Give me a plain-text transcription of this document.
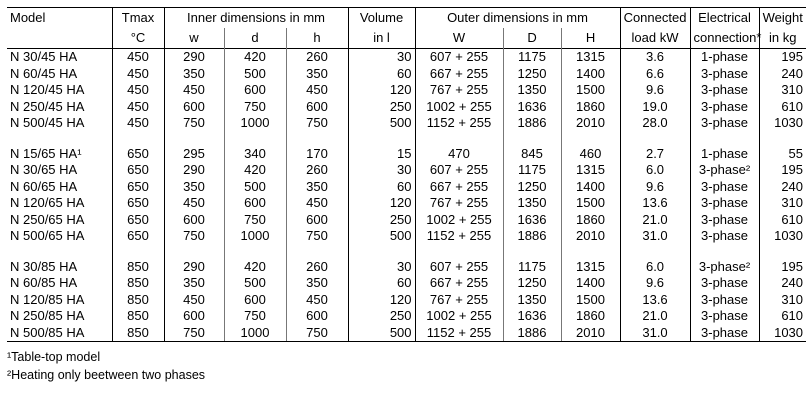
Model	Tmax	Inner dimensions in mm			Volume	Outer dimensions in mm			Connected	Electrical	Weight
	°C	w	d	h	in l	W	D	H	load kW	connection*	in kg
N 30/45 HA	450	290	420	260	30	607 + 255	1175	1315	3.6	1-phase	195
N 60/45 HA	450	350	500	350	60	667 + 255	1250	1400	6.6	3-phase	240
N 120/45 HA	450	450	600	450	120	767 + 255	1350	1500	9.6	3-phase	310
N 250/45 HA	450	600	750	600	250	1002 + 255	1636	1860	19.0	3-phase	610
N 500/45 HA	450	750	1000	750	500	1152 + 255	1886	2010	28.0	3-phase	1030

N 15/65 HA¹	650	295	340	170	15	470	845	460	2.7	1-phase	55
N 30/65 HA	650	290	420	260	30	607 + 255	1175	1315	6.0	3-phase²	195
N 60/65 HA	650	350	500	350	60	667 + 255	1250	1400	9.6	3-phase	240
N 120/65 HA	650	450	600	450	120	767 + 255	1350	1500	13.6	3-phase	310
N 250/65 HA	650	600	750	600	250	1002 + 255	1636	1860	21.0	3-phase	610
N 500/65 HA	650	750	1000	750	500	1152 + 255	1886	2010	31.0	3-phase	1030

N 30/85 HA	850	290	420	260	30	607 + 255	1175	1315	6.0	3-phase²	195
N 60/85 HA	850	350	500	350	60	667 + 255	1250	1400	9.6	3-phase	240
N 120/85 HA	850	450	600	450	120	767 + 255	1350	1500	13.6	3-phase	310
N 250/85 HA	850	600	750	600	250	1002 + 255	1636	1860	21.0	3-phase	610
N 500/85 HA	850	750	1000	750	500	1152 + 255	1886	2010	31.0	3-phase	1030
¹Table-top model
²Heating only beetween two phases
